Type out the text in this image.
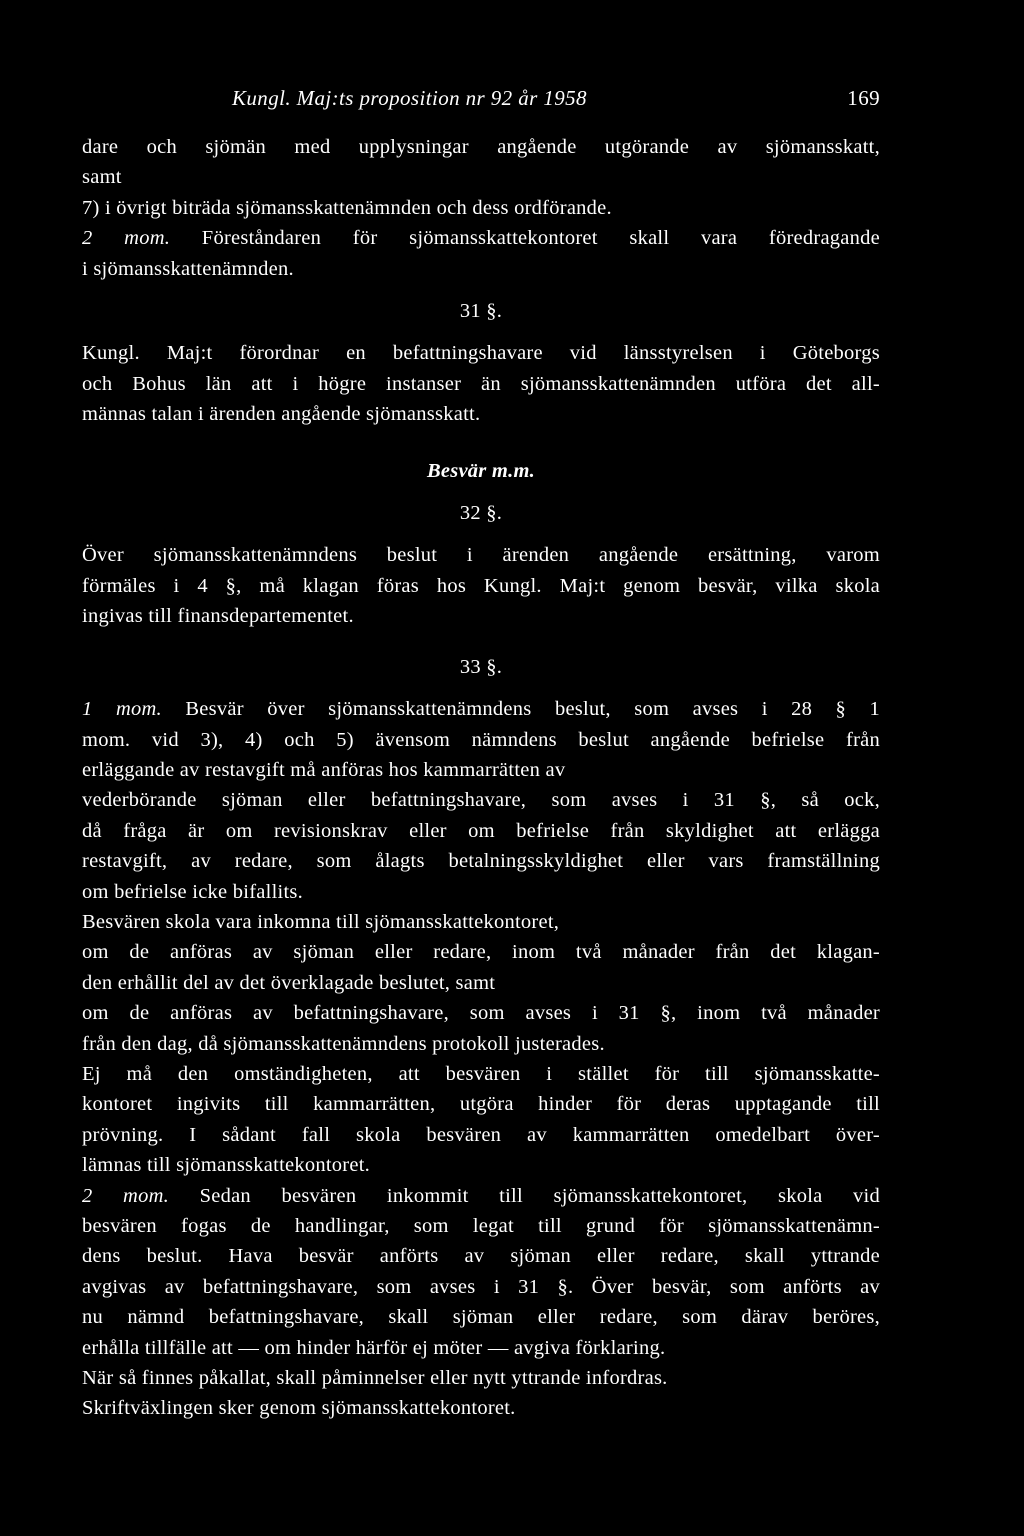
Kungl. Maj:ts proposition nr 92 år 1958	169

dare och sjömän med upplysningar angående utgörande av sjömansskatt,

samt

7) i övrigt biträda sjömansskattenämnden och dess ordförande.

2 mom. Föreståndaren för sjömansskattekontoret skall vara föredragande

i sjömansskattenämnden.

31 §.

Kungl. Maj:t förordnar en befattningshavare vid länsstyrelsen i Göteborgs

och Bohus län att i högre instanser än sjömansskattenämnden utföra det all-

männas talan i ärenden angående sjömansskatt.

Besvär m.m.

32 §.

Över sjömansskattenämndens beslut i ärenden angående ersättning, varom

förmäles i 4 §, må klagan föras hos Kungl. Maj:t genom besvär, vilka skola

ingivas till finansdepartementet.

33 §.

1 mom. Besvär över sjömansskattenämndens beslut, som avses i 28 § 1

mom. vid 3), 4) och 5) ävensom nämndens beslut angående befrielse från

erläggande av restavgift må anföras hos kammarrätten av

vederbörande sjöman eller befattningshavare, som avses i 31 §, så ock,

då fråga är om revisionskrav eller om befrielse från skyldighet att erlägga

restavgift, av redare, som ålagts betalningsskyldighet eller vars framställning

om befrielse icke bifallits.

Besvären skola vara inkomna till sjömansskattekontoret,

om de anföras av sjöman eller redare, inom två månader från det klagan-

den erhållit del av det överklagade beslutet, samt

om de anföras av befattningshavare, som avses i 31 §, inom två månader

från den dag, då sjömansskattenämndens protokoll justerades.

Ej må den omständigheten, att besvären i stället för till sjömansskatte-

kontoret ingivits till kammarrätten, utgöra hinder för deras upptagande till

prövning. I sådant fall skola besvären av kammarrätten omedelbart över-

lämnas till sjömansskattekontoret.

2 mom. Sedan besvären inkommit till sjömansskattekontoret, skola vid

besvären fogas de handlingar, som legat till grund för sjömansskattenämn-

dens beslut. Hava besvär anförts av sjöman eller redare, skall yttrande

avgivas av befattningshavare, som avses i 31 §. Över besvär, som anförts av

nu nämnd befattningshavare, skall sjöman eller redare, som därav beröres,

erhålla tillfälle att — om hinder härför ej möter — avgiva förklaring.

När så finnes påkallat, skall påminnelser eller nytt yttrande infordras.

Skriftväxlingen sker genom sjömansskattekontoret.
